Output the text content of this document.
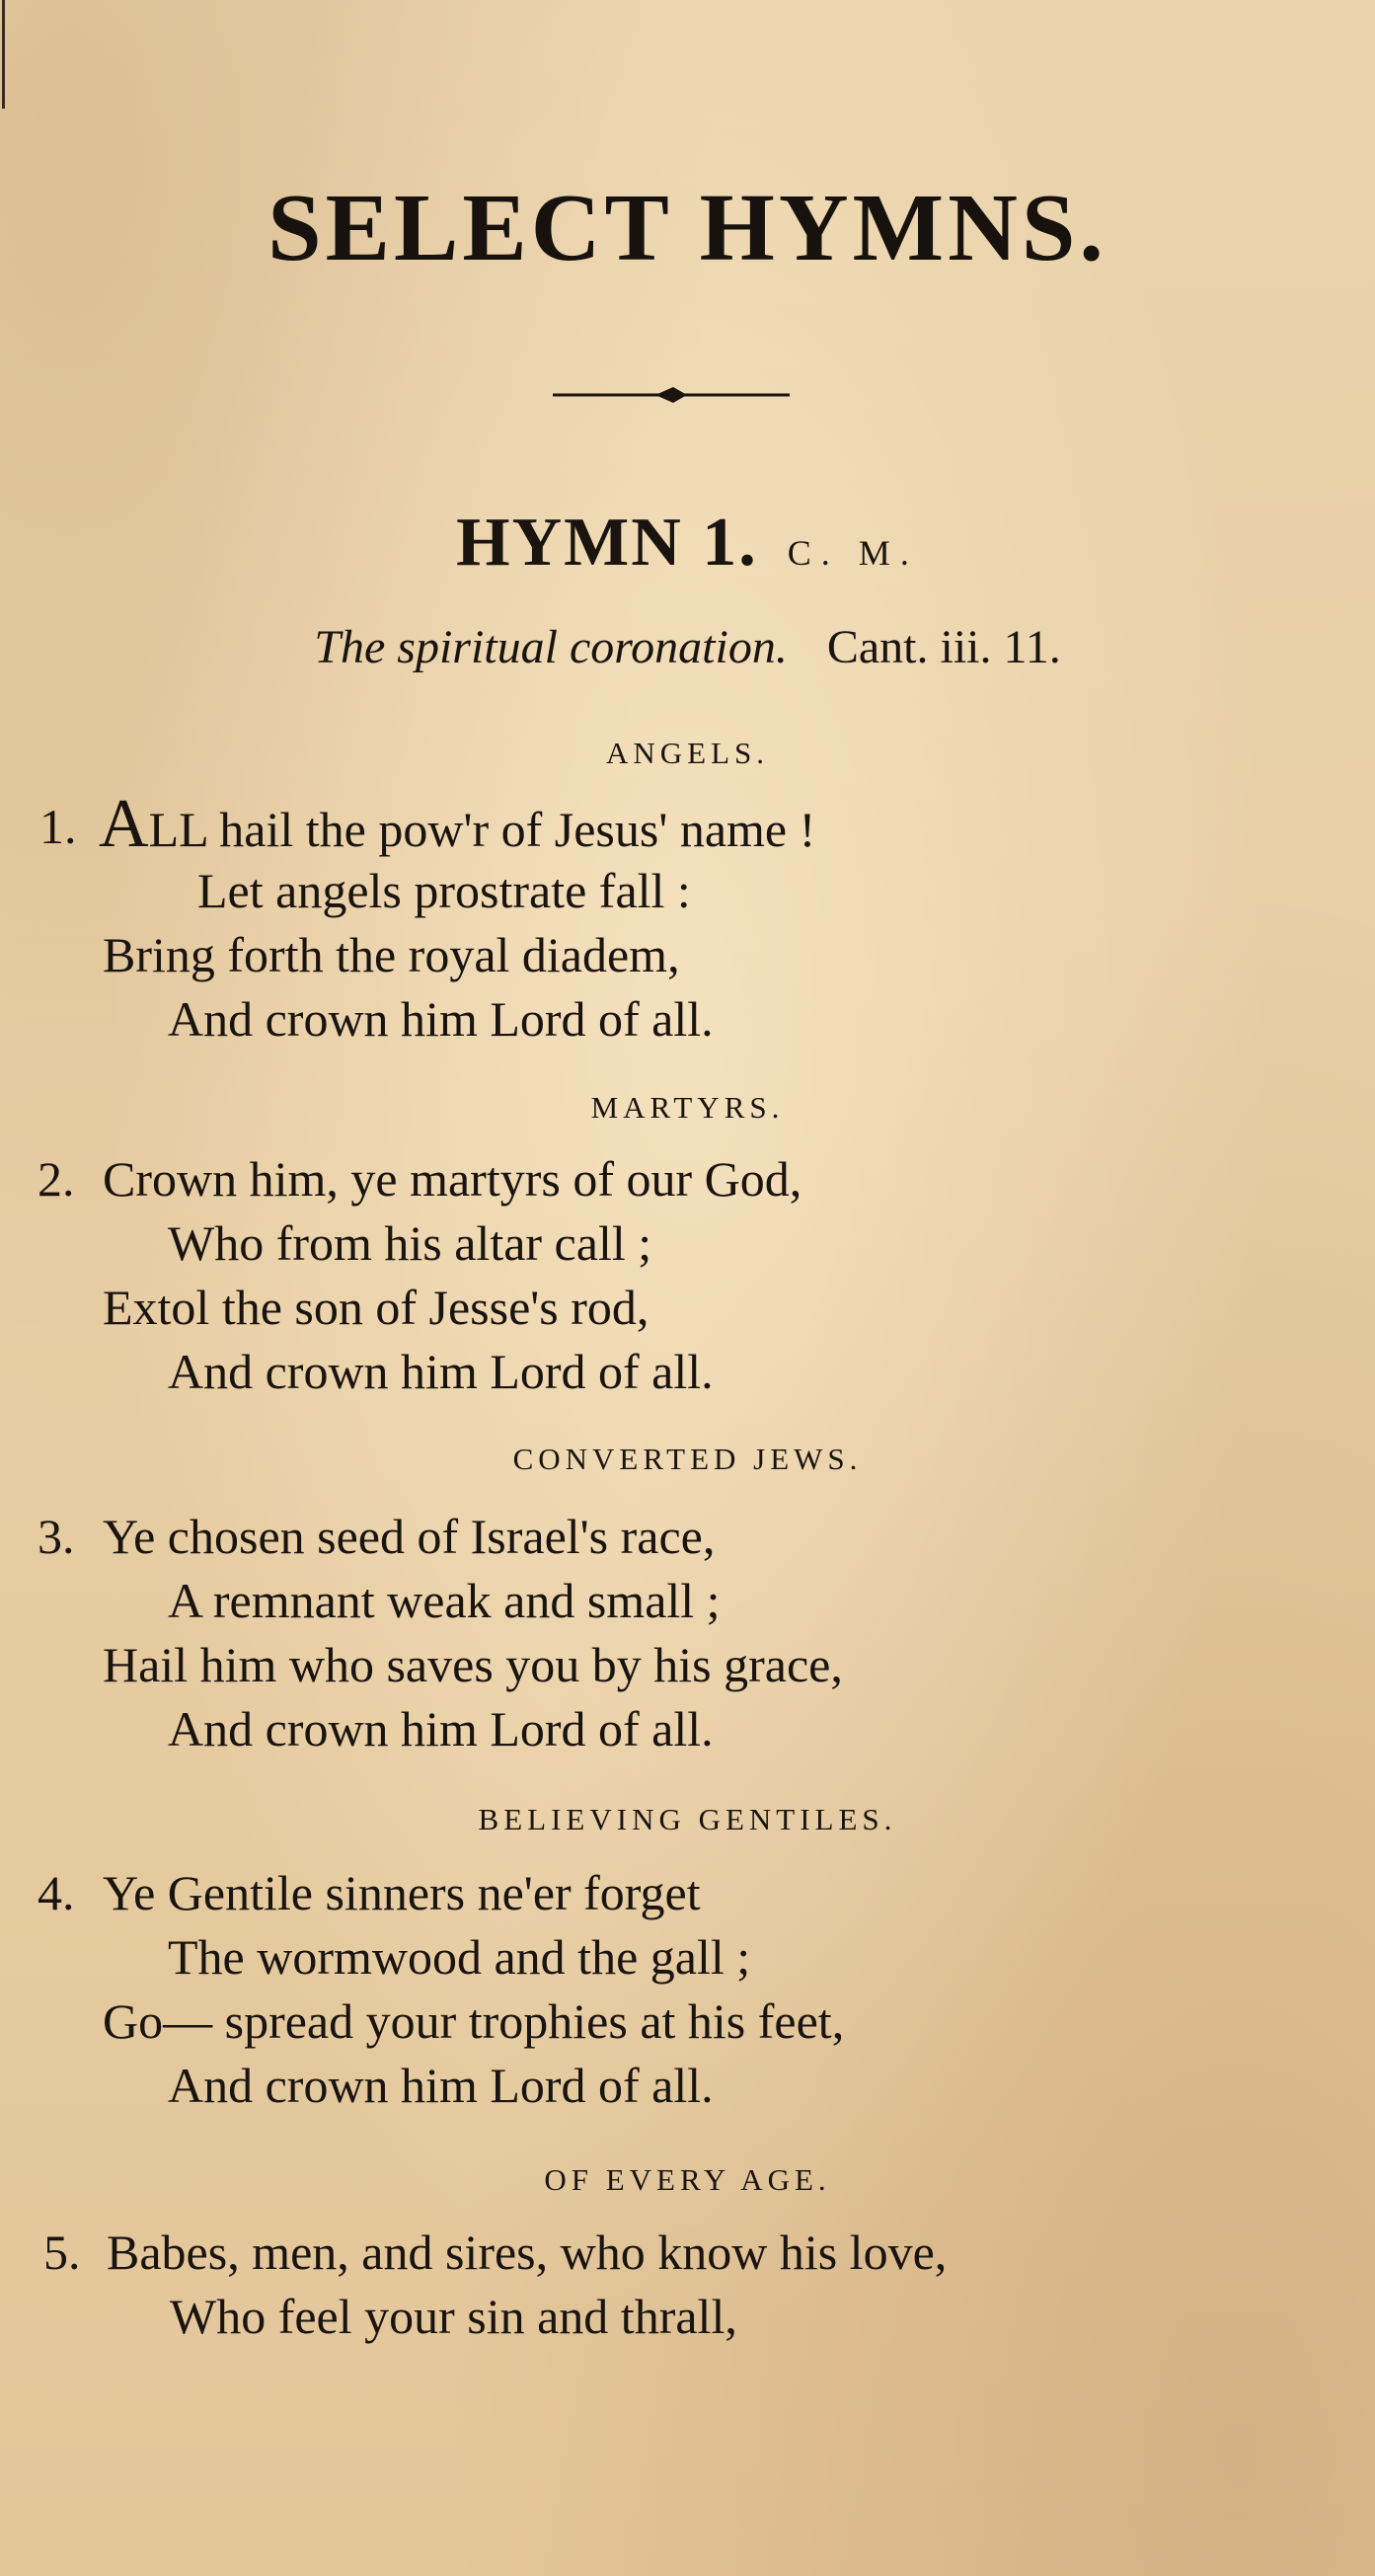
SELECT HYMNS.
HYMN 1. C. M.
The spiritual coronation. Cant. iii. 11.
ANGELS.
1. ALL hail the pow'r of Jesus' name !
Let angels prostrate fall :
Bring forth the royal diadem,
And crown him Lord of all.
MARTYRS.
2. Crown him, ye martyrs of our God,
Who from his altar call ;
Extol the son of Jesse's rod,
And crown him Lord of all.
CONVERTED JEWS.
3. Ye chosen seed of Israel's race,
A remnant weak and small ;
Hail him who saves you by his grace,
And crown him Lord of all.
BELIEVING GENTILES.
4. Ye Gentile sinners ne'er forget
The wormwood and the gall ;
Go— spread your trophies at his feet,
And crown him Lord of all.
OF EVERY AGE.
5. Babes, men, and sires, who know his love,
Who feel your sin and thrall,
